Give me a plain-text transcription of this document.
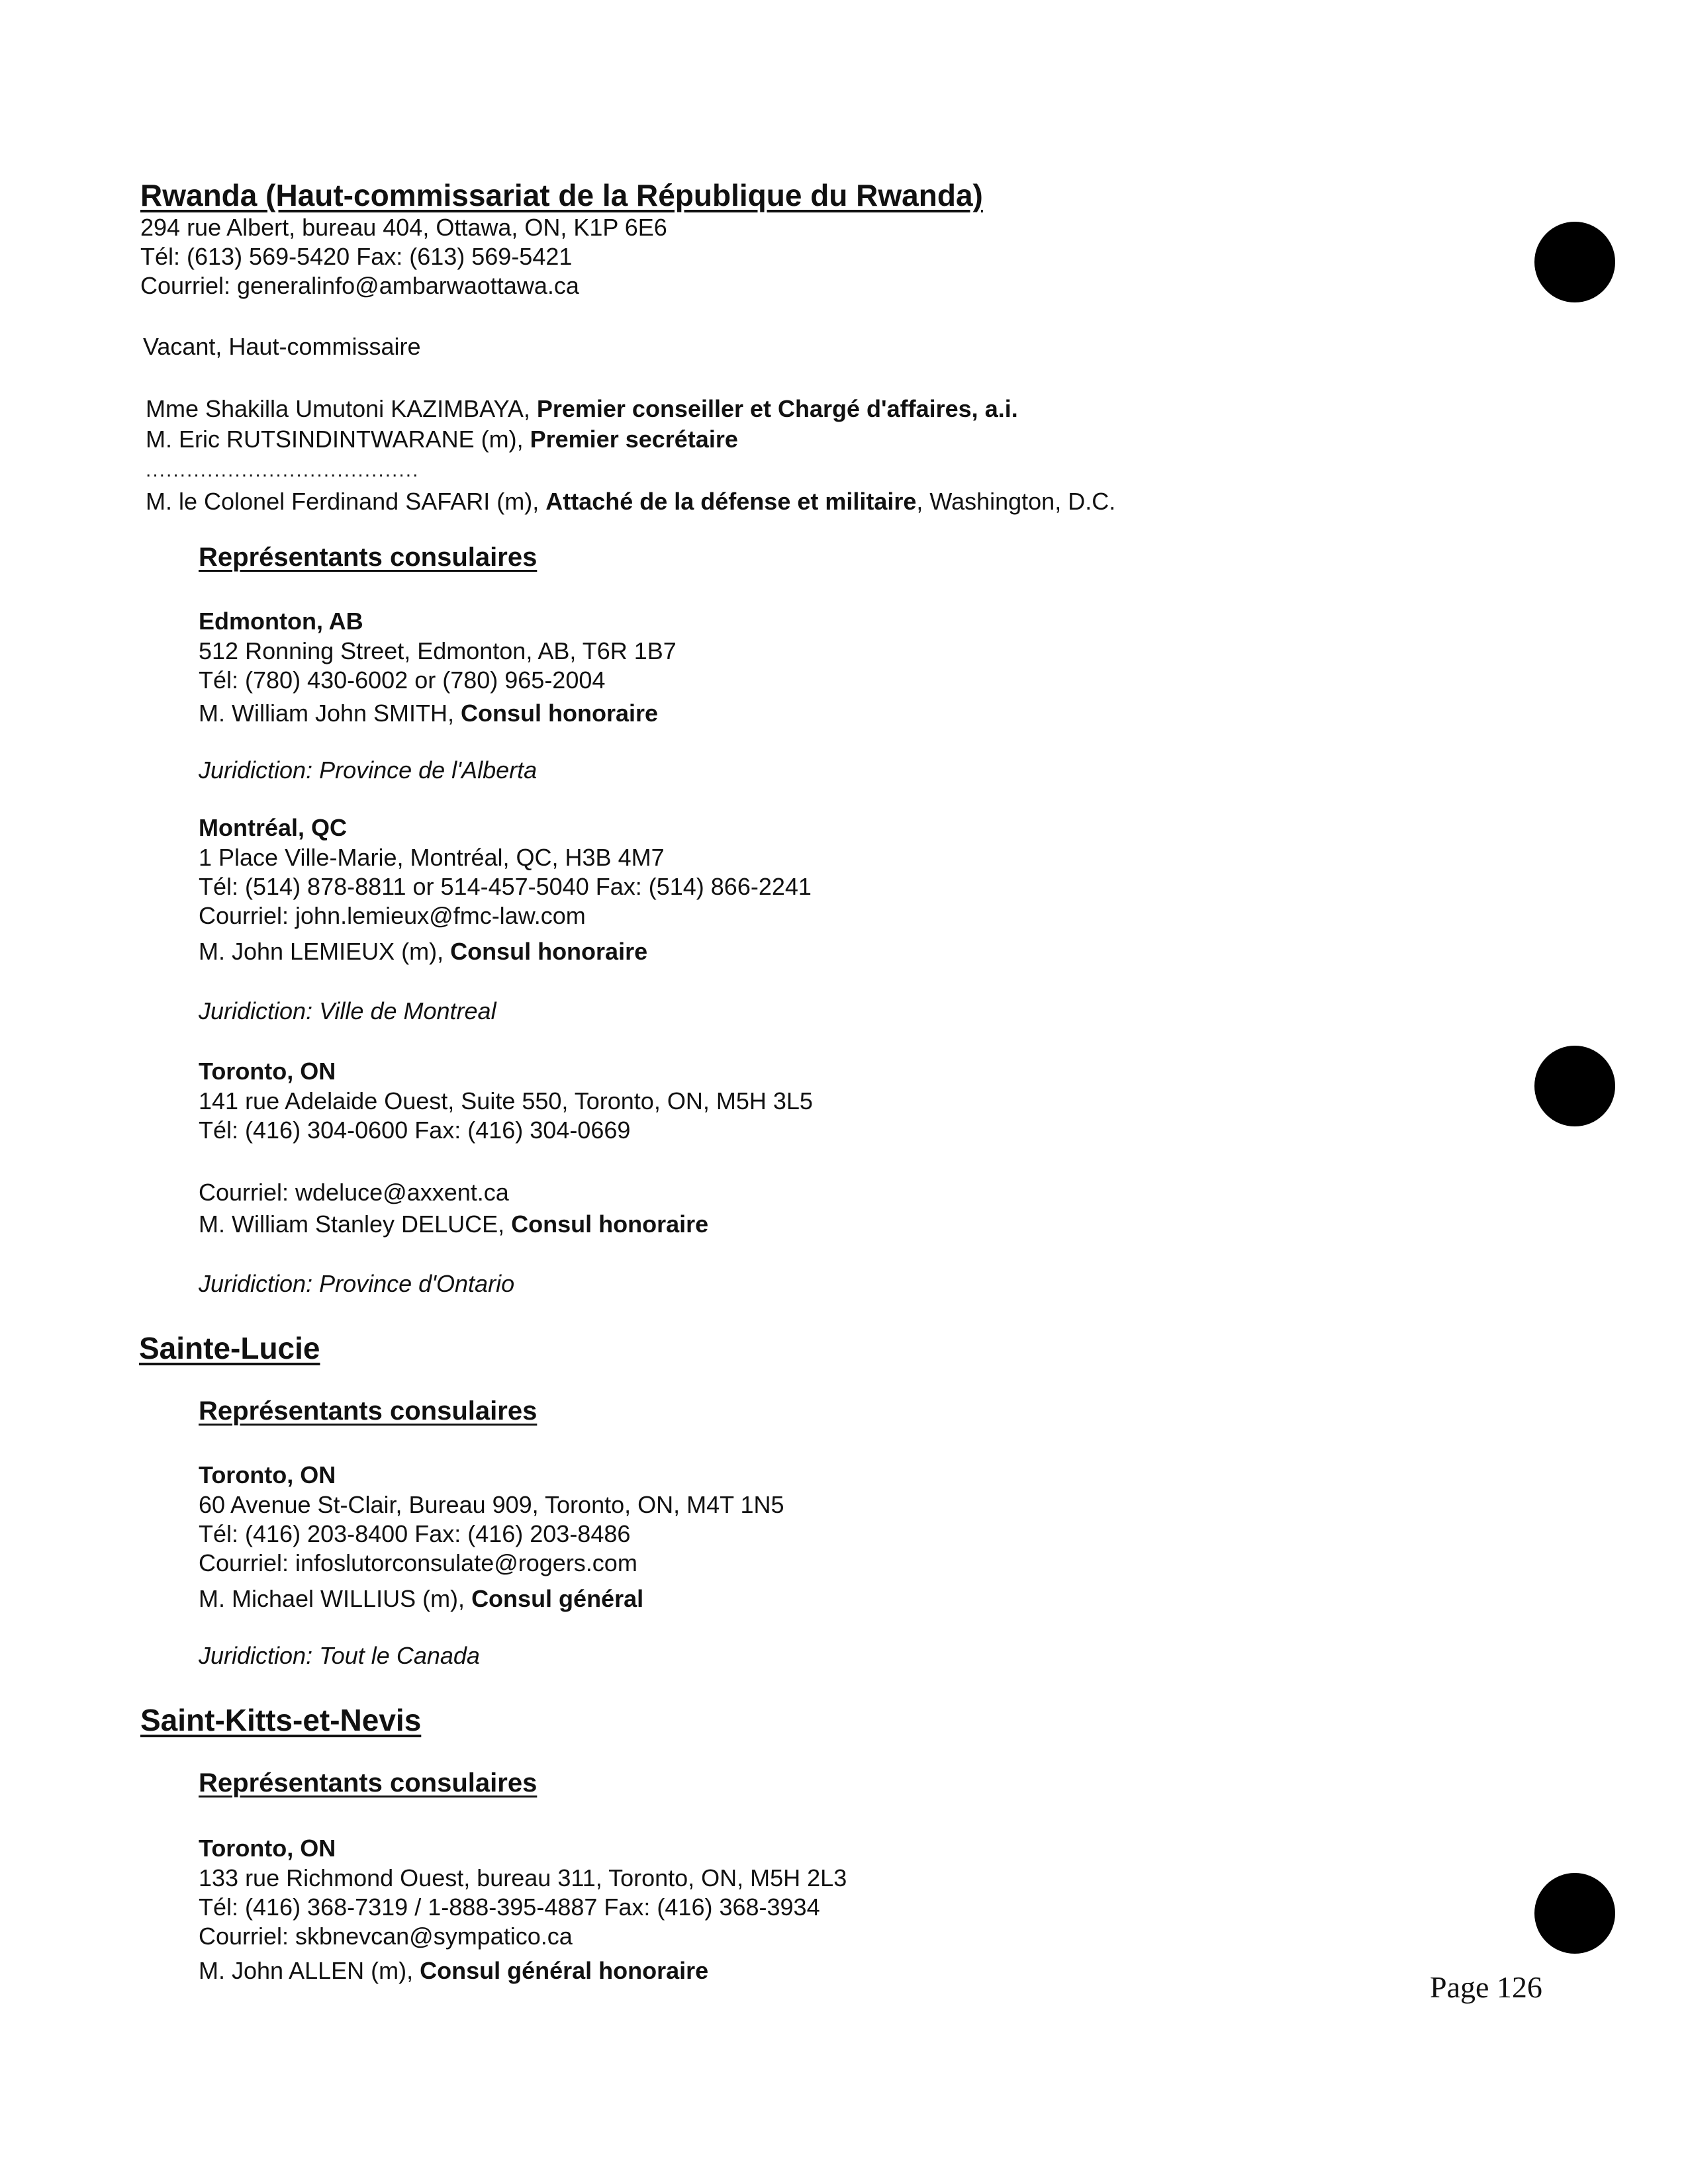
Rwanda (Haut-commissariat de la République du Rwanda)
294 rue Albert, bureau 404, Ottawa, ON, K1P 6E6
Tél: (613) 569-5420 Fax: (613) 569-5421
Courriel: generalinfo@ambarwaottawa.ca
Vacant, Haut-commissaire
Mme Shakilla Umutoni KAZIMBAYA, Premier conseiller et Chargé d'affaires, a.i.
M. Eric RUTSINDINTWARANE (m), Premier secrétaire
........................................
M. le Colonel Ferdinand SAFARI (m), Attaché de la défense et militaire, Washington, D.C.
Représentants consulaires
Edmonton, AB
512 Ronning Street, Edmonton, AB, T6R 1B7
Tél: (780) 430-6002 or (780) 965-2004
M. William John SMITH, Consul honoraire
Juridiction: Province de l'Alberta
Montréal, QC
1 Place Ville-Marie, Montréal, QC, H3B 4M7
Tél: (514) 878-8811 or 514-457-5040 Fax: (514) 866-2241
Courriel: john.lemieux@fmc-law.com
M. John LEMIEUX (m), Consul honoraire
Juridiction: Ville de Montreal
Toronto, ON
141 rue Adelaide Ouest, Suite 550, Toronto, ON, M5H 3L5
Tél: (416) 304-0600 Fax: (416) 304-0669
Courriel: wdeluce@axxent.ca
M. William Stanley DELUCE, Consul honoraire
Juridiction: Province d'Ontario
Sainte-Lucie
Représentants consulaires
Toronto, ON
60 Avenue St-Clair, Bureau 909, Toronto, ON, M4T 1N5
Tél: (416) 203-8400 Fax: (416) 203-8486
Courriel: infoslutorconsulate@rogers.com
M. Michael WILLIUS (m), Consul général
Juridiction: Tout le Canada
Saint-Kitts-et-Nevis
Représentants consulaires
Toronto, ON
133 rue Richmond Ouest, bureau 311, Toronto, ON, M5H 2L3
Tél: (416) 368-7319 / 1-888-395-4887 Fax: (416) 368-3934
Courriel: skbnevcan@sympatico.ca
M. John ALLEN (m), Consul général honoraire	Page 126
